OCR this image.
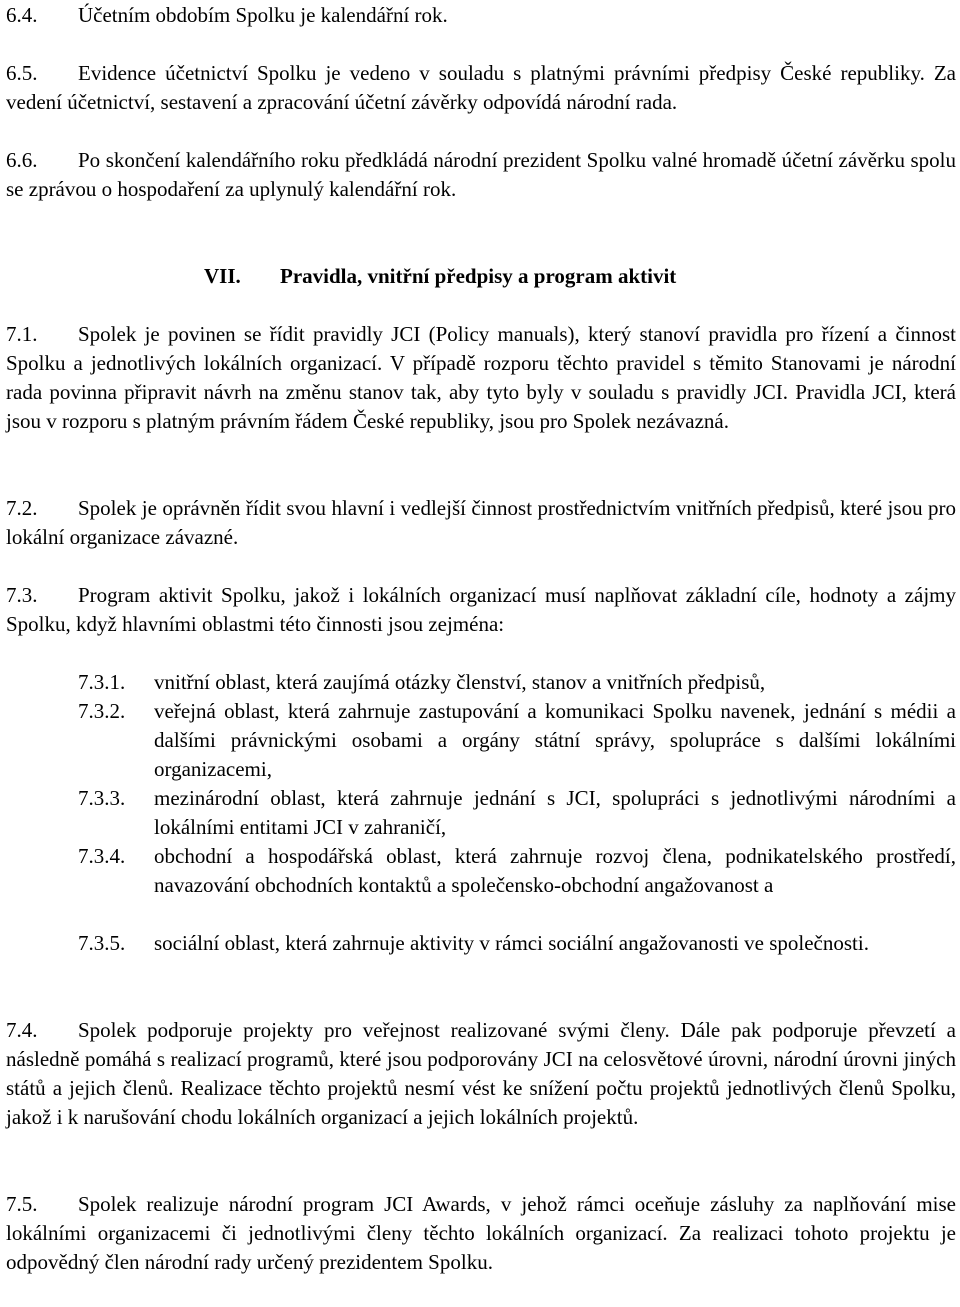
6.4. Účetním obdobím Spolku je kalendářní rok.
6.5. Evidence účetnictví Spolku je vedeno v souladu s platnými právními předpisy České republiky. Za vedení účetnictví, sestavení a zpracování účetní závěrky odpovídá národní rada.
6.6. Po skončení kalendářního roku předkládá národní prezident Spolku valné hromadě účetní závěrku spolu se zprávou o hospodaření za uplynulý kalendářní rok.
VII. Pravidla, vnitřní předpisy a program aktivit
7.1. Spolek je povinen se řídit pravidly JCI (Policy manuals), který stanoví pravidla pro řízení a činnost Spolku a jednotlivých lokálních organizací. V případě rozporu těchto pravidel s těmito Stanovami je národní rada povinna připravit návrh na změnu stanov tak, aby tyto byly v souladu s pravidly JCI. Pravidla JCI, která jsou v rozporu s platným právním řádem České republiky, jsou pro Spolek nezávazná.
7.2. Spolek je oprávněn řídit svou hlavní i vedlejší činnost prostřednictvím vnitřních předpisů, které jsou pro lokální organizace závazné.
7.3. Program aktivit Spolku, jakož i lokálních organizací musí naplňovat základní cíle, hodnoty a zájmy Spolku, když hlavními oblastmi této činnosti jsou zejména:
7.3.1. vnitřní oblast, která zaujímá otázky členství, stanov a vnitřních předpisů,
7.3.2. veřejná oblast, která zahrnuje zastupování a komunikaci Spolku navenek, jednání s médii a dalšími právnickými osobami a orgány státní správy, spolupráce s dalšími lokálními organizacemi,
7.3.3. mezinárodní oblast, která zahrnuje jednání s JCI, spolupráci s jednotlivými národními a lokálními entitami JCI v zahraničí,
7.3.4. obchodní a hospodářská oblast, která zahrnuje rozvoj člena, podnikatelského prostředí, navazování obchodních kontaktů a společensko-obchodní angažovanost a
7.3.5. sociální oblast, která zahrnuje aktivity v rámci sociální angažovanosti ve společnosti.
7.4. Spolek podporuje projekty pro veřejnost realizované svými členy. Dále pak podporuje převzetí a následně pomáhá s realizací programů, které jsou podporovány JCI na celosvětové úrovni, národní úrovni jiných států a jejich členů. Realizace těchto projektů nesmí vést ke snížení počtu projektů jednotlivých členů Spolku, jakož i k narušování chodu lokálních organizací a jejich lokálních projektů.
7.5. Spolek realizuje národní program JCI Awards, v jehož rámci oceňuje zásluhy za naplňování mise lokálními organizacemi či jednotlivými členy těchto lokálních organizací. Za realizaci tohoto projektu je odpovědný člen národní rady určený prezidentem Spolku.
